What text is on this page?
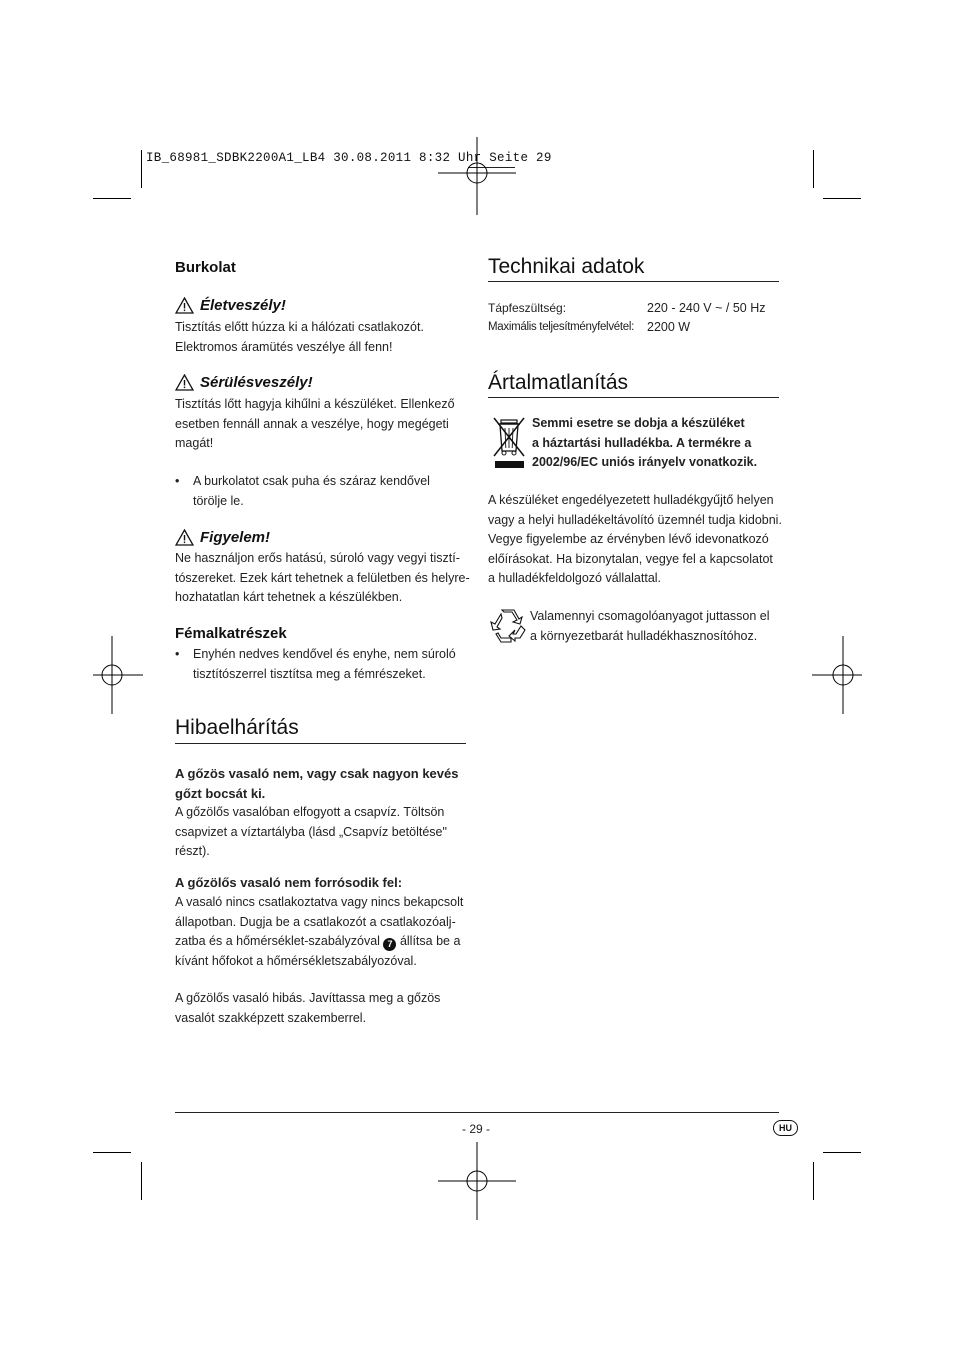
IB_68981_SDBK2200A1_LB4 30.08.2011 8:32 Uhr Seite 29
Burkolat
Életveszély!
Tisztítás előtt húzza ki a hálózati csatlakozót.
Elektromos áramütés veszélye áll fenn!
Sérülésveszély!
Tisztítás lőtt hagyja kihűlni a készüléket. Ellenkező
esetben fennáll annak a veszélye, hogy megégeti
magát!
•	A burkolatot csak puha és száraz kendővel
törölje le.
Figyelem!
Ne használjon erős hatású, súroló vagy vegyi tisztí-
tószereket. Ezek kárt tehetnek a felületben és helyre-
hozhatatlan kárt tehetnek a készülékben.
Fémalkatrészek
•	Enyhén nedves kendővel és enyhe, nem súroló
tisztítószerrel tisztítsa meg a fémrészeket.
Hibaelhárítás
A gőzös vasaló nem, vagy csak nagyon kevés
gőzt bocsát ki.
A gőzölős vasalóban elfogyott a csapvíz. Töltsön
csapvizet a víztartályba (lásd „Csapvíz betöltése"
részt).
A gőzölős vasaló nem forrósodik fel:
A vasaló nincs csatlakoztatva vagy nincs bekapcsolt
állapotban. Dugja be a csatlakozót a csatlakozóalj-
zatba és a hőmérséklet-szabályzóval 7 állítsa be a
kívánt hőfokot a hőmérsékletszabályozóval.
A gőzölős vasaló hibás. Javíttassa meg a gőzös
vasalót szakképzett szakemberrel.
Technikai adatok
Tápfeszültség:	220 - 240 V ~ / 50 Hz
Maximális teljesítményfelvétel: 2200 W
Ártalmatlanítás
Semmi esetre se dobja a készüléket
a háztartási hulladékba. A termékre a
2002/96/EC uniós irányelv vonatkozik.
A készüléket engedélyezetett hulladékgyűjtő helyen
vagy a helyi hulladékeltávolító üzemnél tudja kidobni.
Vegye figyelembe az érvényben lévő idevonatkozó
előírásokat. Ha bizonytalan, vegye fel a kapcsolatot
a hulladékfeldolgozó vállalattal.
Valamennyi csomagolóanyagot juttasson el
a környezetbarát hulladékhasznosítóhoz.
- 29 -	HU
